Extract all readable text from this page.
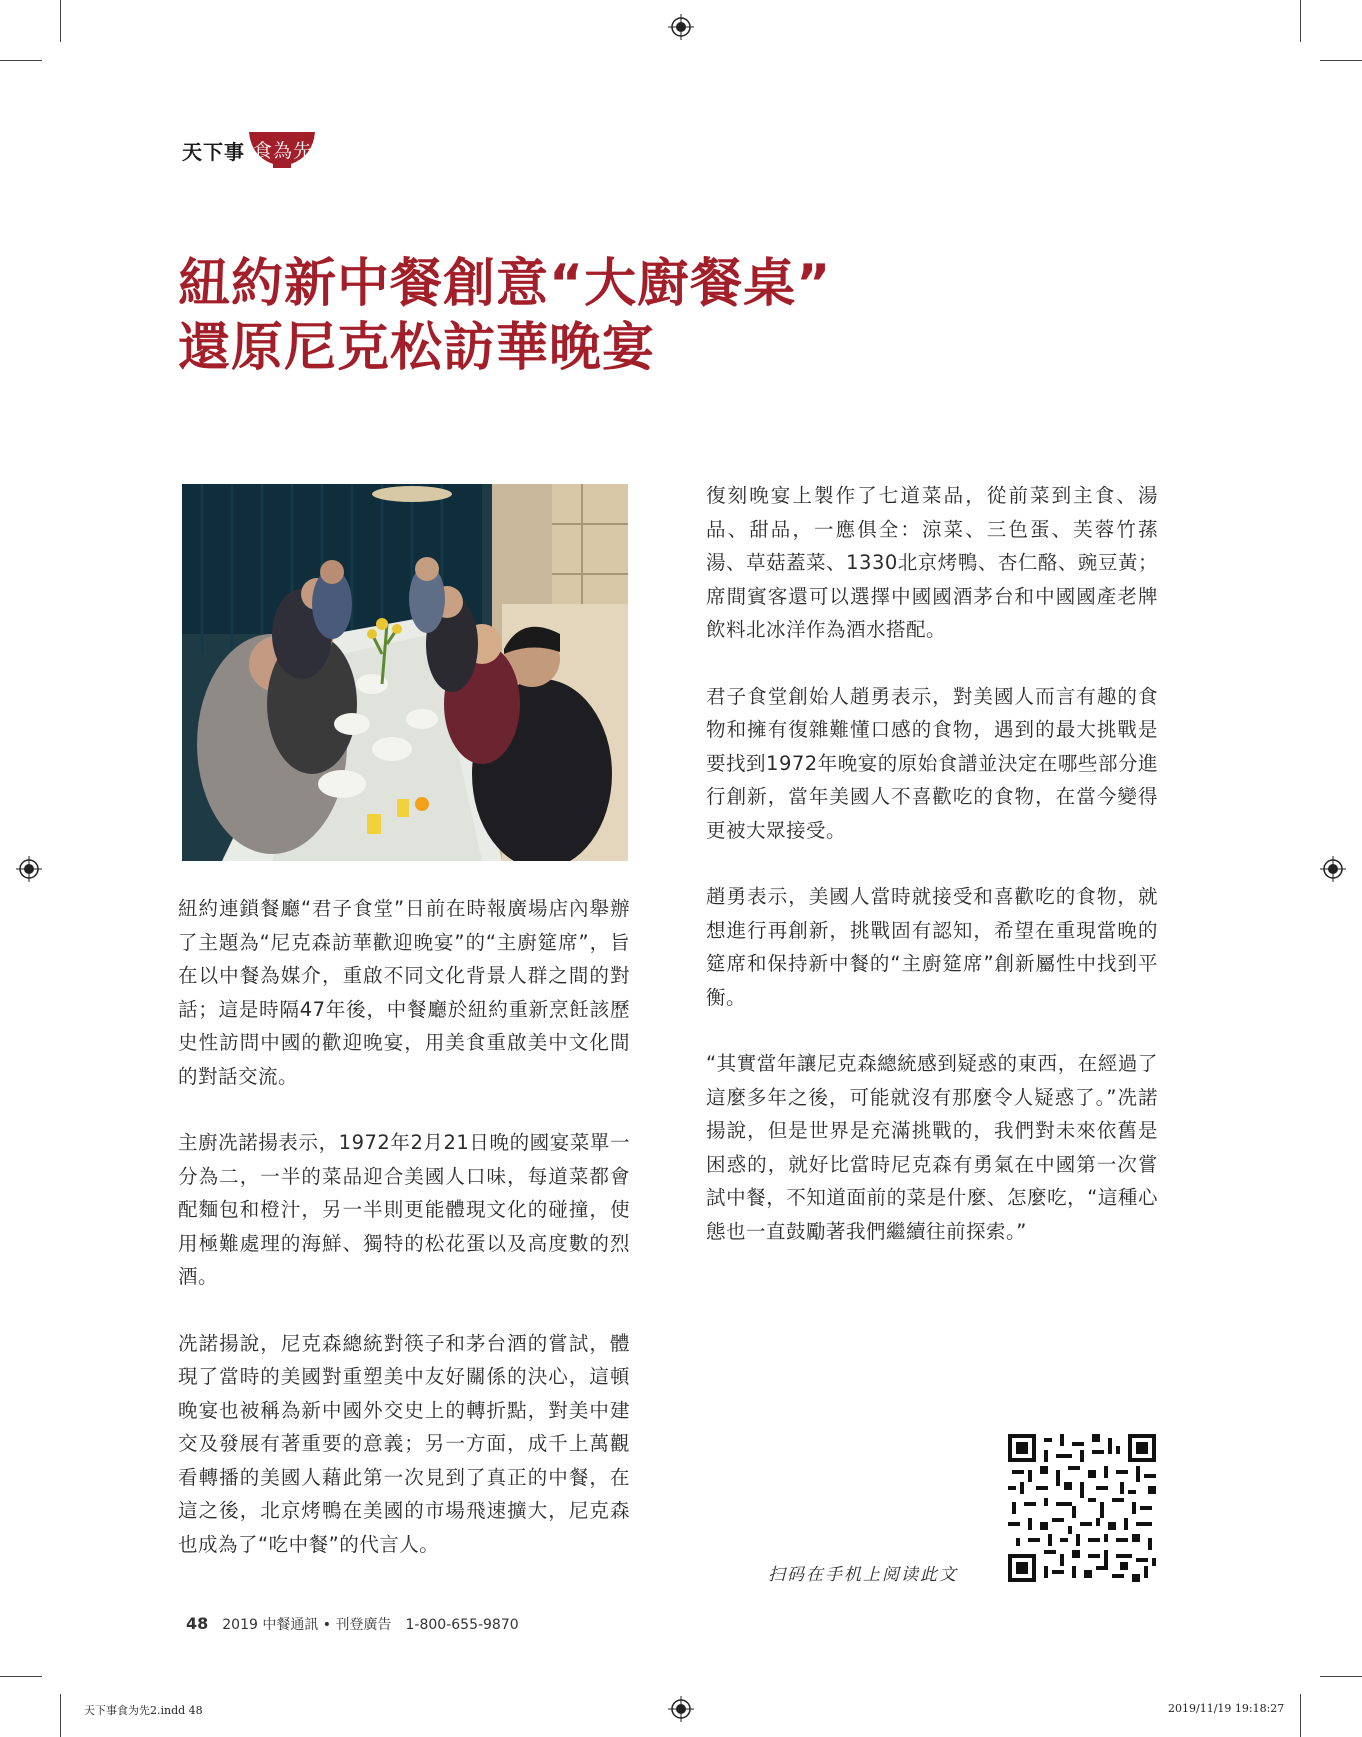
天下事 食為先
紐約新中餐創意“大廚餐桌”
還原尼克松訪華晚宴

紐約連鎖餐廳“君子食堂”日前在時報廣場店內舉辦了主題為“尼克森訪華歡迎晚宴”的“主廚筵席”，旨在以中餐為媒介，重啟不同文化背景人群之間的對話；這是時隔47年後，中餐廳於紐約重新烹飪該歷史性訪問中國的歡迎晚宴，用美食重啟美中文化間的對話交流。

主廚冼諾揚表示，1972年2月21日晚的國宴菜單一分為二，一半的菜品迎合美國人口味，每道菜都會配麵包和橙汁，另一半則更能體現文化的碰撞，使用極難處理的海鮮、獨特的松花蛋以及高度數的烈酒。

冼諾揚說，尼克森總統對筷子和茅台酒的嘗試，體現了當時的美國對重塑美中友好關係的決心，這頓晚宴也被稱為新中國外交史上的轉折點，對美中建交及發展有著重要的意義；另一方面，成千上萬觀看轉播的美國人藉此第一次見到了真正的中餐，在這之後，北京烤鴨在美國的市場飛速擴大，尼克森也成為了“吃中餐”的代言人。

復刻晚宴上製作了七道菜品，從前菜到主食、湯品、甜品，一應俱全：涼菜、三色蛋、芙蓉竹蓀湯、草菇蓋菜、1330北京烤鴨、杏仁酪、豌豆黃；席間賓客還可以選擇中國國酒茅台和中國國產老牌飲料北冰洋作為酒水搭配。

君子食堂創始人趙勇表示，對美國人而言有趣的食物和擁有復雜難懂口感的食物，遇到的最大挑戰是要找到1972年晚宴的原始食譜並決定在哪些部分進行創新，當年美國人不喜歡吃的食物，在當今變得更被大眾接受。

趙勇表示，美國人當時就接受和喜歡吃的食物，就想進行再創新，挑戰固有認知，希望在重現當晚的筵席和保持新中餐的“主廚筵席”創新屬性中找到平衡。

“其實當年讓尼克森總統感到疑惑的東西，在經過了這麼多年之後，可能就沒有那麼令人疑惑了。”冼諾揚說，但是世界是充滿挑戰的，我們對未來依舊是困惑的，就好比當時尼克森有勇氣在中國第一次嘗試中餐，不知道面前的菜是什麼、怎麼吃，“這種心態也一直鼓勵著我們繼續往前探索。”

扫码在手机上阅读此文
48 2019 中餐通訊 • 刊登廣告 1-800-655-9870
天下事食为先2.indd 48	2019/11/19 19:18:27
